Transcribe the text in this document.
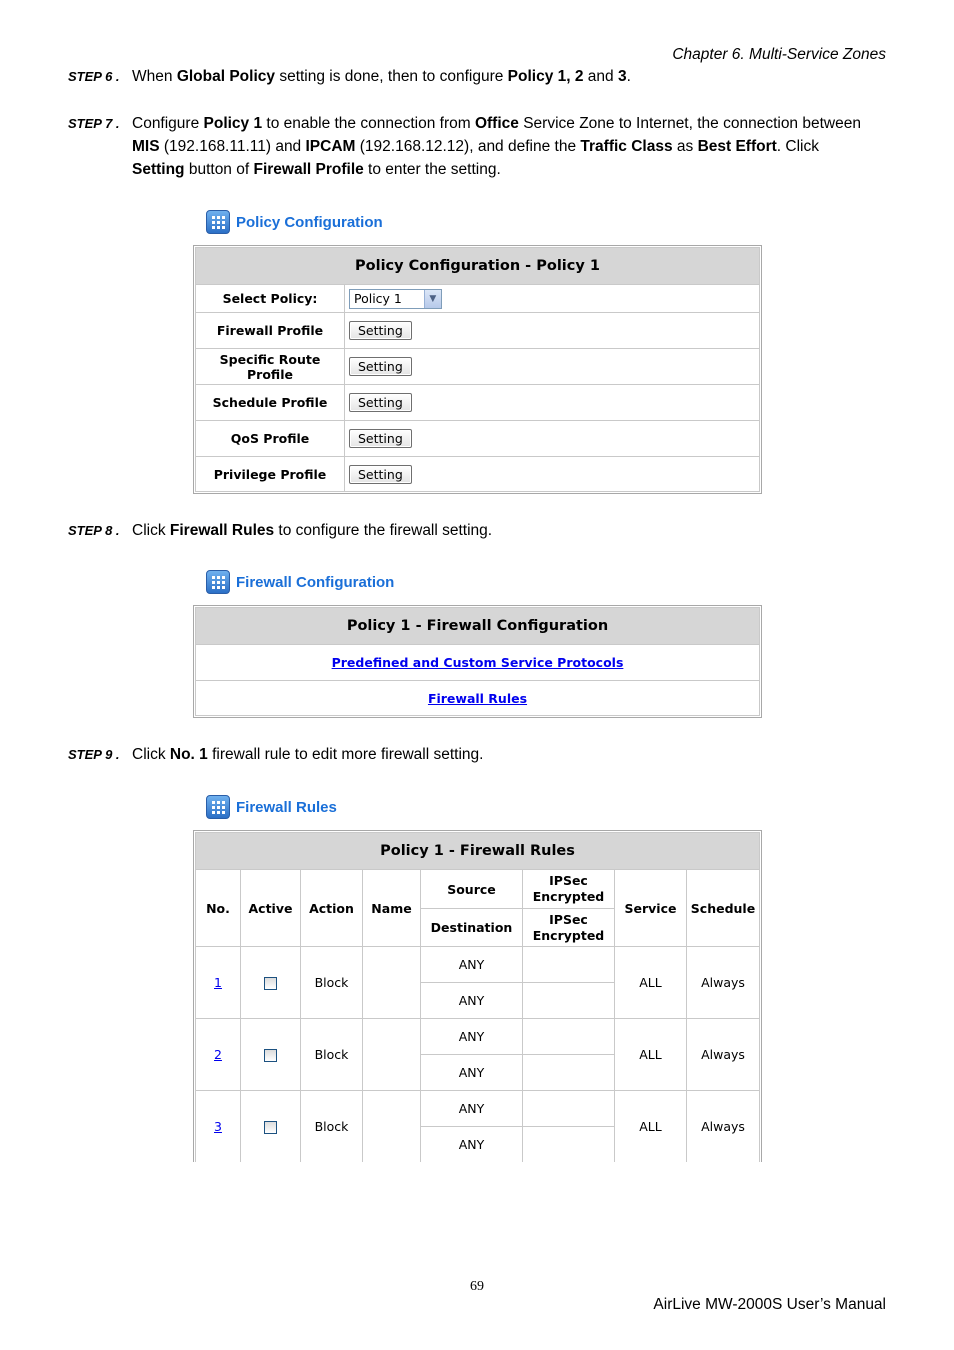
Chapter 6. Multi-Service Zones
STEP 6 . When Global Policy setting is done, then to configure Policy 1, 2 and 3.
STEP 7 . Configure Policy 1 to enable the connection from Office Service Zone to Internet, the connection between
MIS (192.168.11.11) and IPCAM (192.168.12.12), and define the Traffic Class as Best Effort. Click
Setting button of Firewall Profile to enter the setting.
Policy Configuration
Policy Configuration - Policy 1	
Select Policy:	Policy 1 ▼

Firewall Profile	Setting
Specific Route Profile	Setting
Schedule Profile	Setting
QoS Profile	Setting
Privilege Profile	Setting
STEP 8 . Click Firewall Rules to configure the firewall setting.
Firewall Configuration
Policy 1 - Firewall Configuration
Predefined and Custom Service Protocols
Firewall Rules
STEP 9 . Click No. 1 firewall rule to edit more firewall setting.
Firewall Rules
Policy 1 - Firewall Rules							
No.	Active	Action	Name	Source	IPSec Encrypted	Service	Schedule
				Destination	IPSec Encrypted		
1		Block		ANY		ALL	Always
				ANY			
2		Block		ANY		ALL	Always
				ANY			
3		Block		ANY		ALL	Always
				ANY			
69
AirLive MW-2000S User’s Manual
